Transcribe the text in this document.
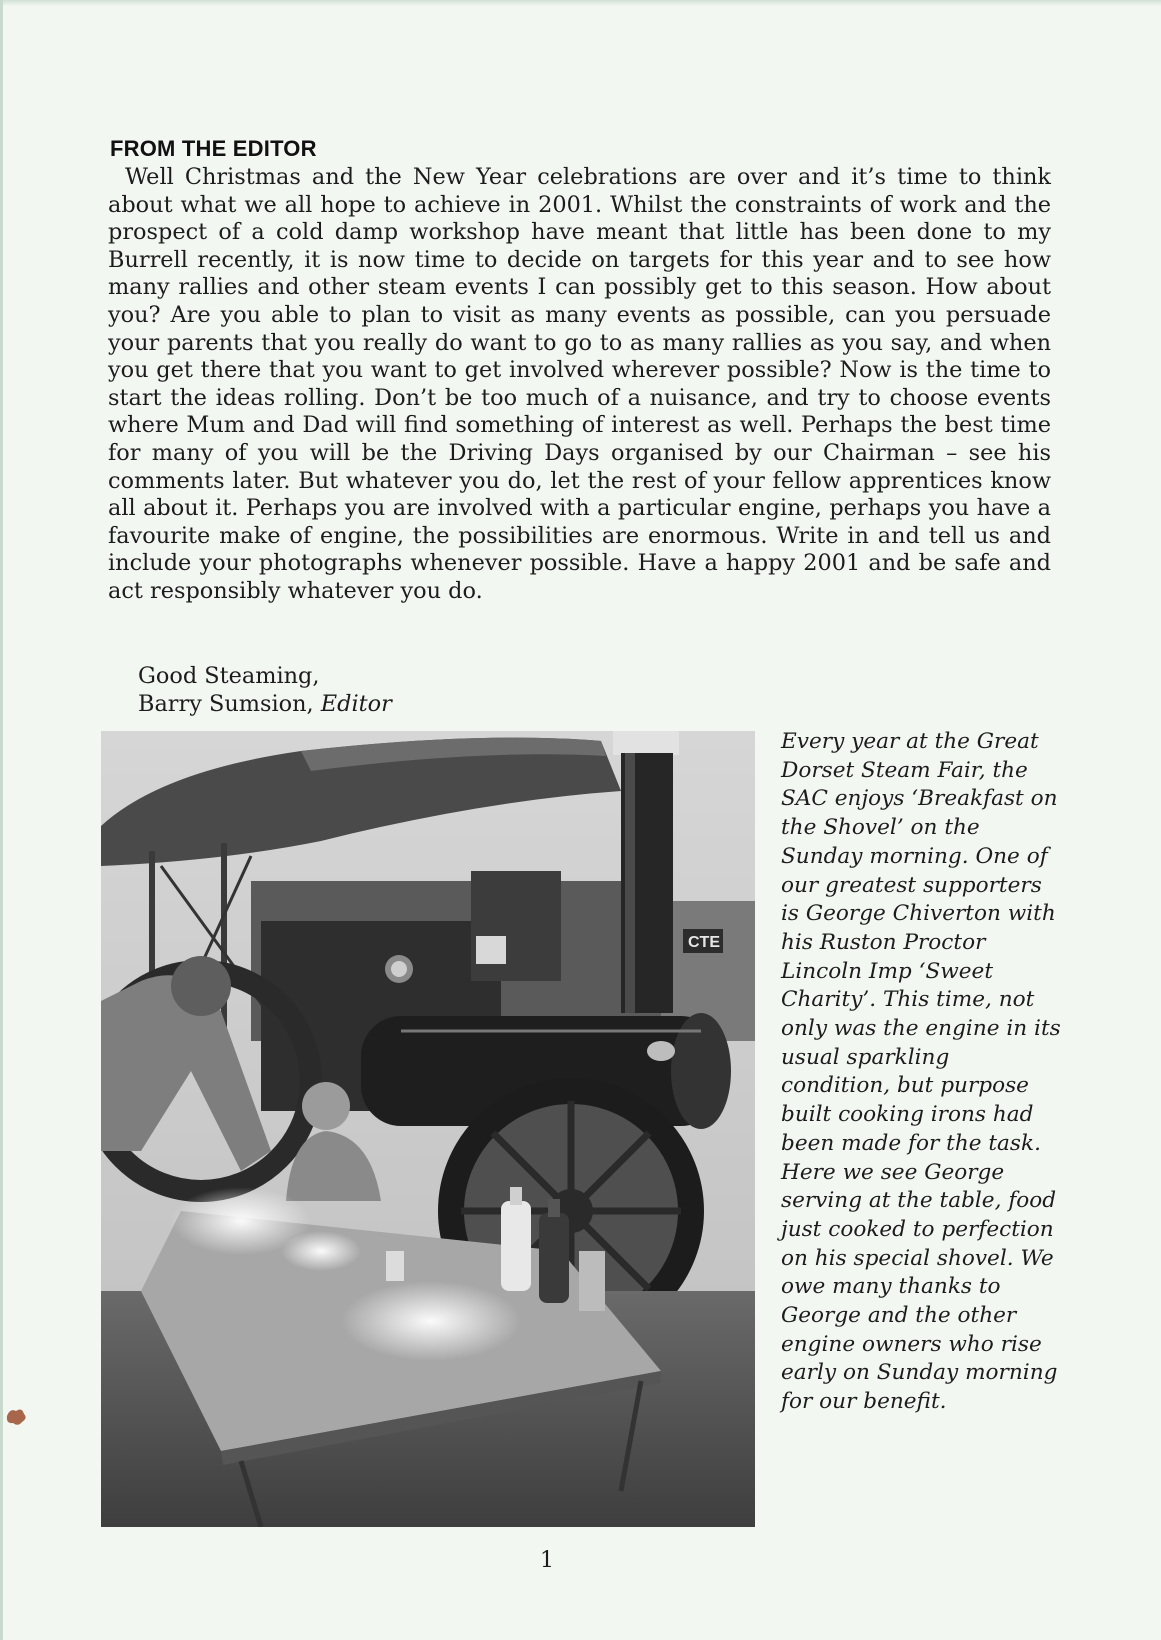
FROM THE EDITOR

Well Christmas and the New Year celebrations are over and it’s time to think about what we all hope to achieve in 2001. Whilst the constraints of work and the prospect of a cold damp workshop have meant that little has been done to my Burrell recently, it is now time to decide on targets for this year and to see how many rallies and other steam events I can possibly get to this season. How about you? Are you able to plan to visit as many events as possible, can you persuade your parents that you really do want to go to as many rallies as you say, and when you get there that you want to get involved wherever possible? Now is the time to start the ideas rolling. Don’t be too much of a nuisance, and try to choose events where Mum and Dad will find something of interest as well. Perhaps the best time for many of you will be the Driving Days organised by our Chairman – see his comments later. But whatever you do, let the rest of your fellow apprentices know all about it. Perhaps you are involved with a particular engine, perhaps you have a favourite make of engine, the possibilities are enormous. Write in and tell us and include your photographs whenever possible. Have a happy 2001 and be safe and act responsibly whatever you do.

Good Steaming,
Barry Sumsion, Editor
CTE

Every year at the Great Dorset Steam Fair, the SAC enjoys ‘Breakfast on the Shovel’ on the Sunday morning. One of our greatest supporters is George Chiverton with his Ruston Proctor Lincoln Imp ‘Sweet Charity’. This time, not only was the engine in its usual sparkling condition, but purpose built cooking irons had been made for the task. Here we see George serving at the table, food just cooked to perfection on his special shovel. We owe many thanks to George and the other engine owners who rise early on Sunday morning for our benefit.

1
